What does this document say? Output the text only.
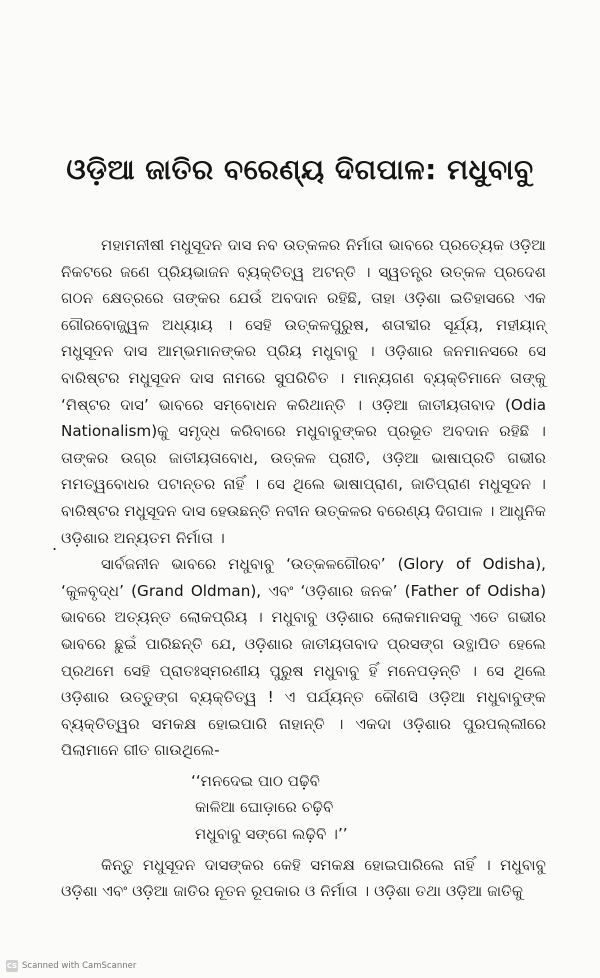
ଓଡ଼ିଆ ଜାତିର ବରେଣ୍ୟ ଦିଗପାଳ: ମଧୁବାବୁ
.

ମହାମନୀଷୀ ମଧୁସୂଦନ ଦାସ ନବ ଉତ୍କଳର ନିର୍ମାତା ଭାବରେ ପ୍ରତ୍ୟେକ ଓଡ଼ିଆ ନିକଟରେ ଜଣେ ପ୍ରିୟଭାଜନ ବ୍ୟକ୍ତିତ୍ୱ ଅଟନ୍ତି । ସ୍ୱତନ୍ତ୍ର ଉତ୍କଳ ପ୍ରଦେଶ ଗଠନ କ୍ଷେତ୍ରରେ ତାଙ୍କର ଯେଉଁ ଅବଦାନ ରହିଛି, ତାହା ଓଡ଼ିଶା ଇତିହାସରେ ଏକ ଗୌରବୋଜ୍ଜ୍ୱଳ ଅଧ୍ୟାୟ । ସେହି ଉତ୍କଳପୁରୁଷ, ଶତାବ୍ଦୀର ସୂର୍ଯ୍ୟ, ମହୀୟାନ୍ ମଧୁସୂଦନ ଦାସ ଆମ୍ଭମାନଙ୍କର ପ୍ରିୟ ମଧୁବାବୁ । ଓଡ଼ିଶାର ଜନମାନସରେ ସେ ବାରିଷ୍ଟର ମଧୁସୂଦନ ଦାସ ନାମରେ ସୁପରିଚିତ । ମାନ୍ୟଗଣ ବ୍ୟକ୍ତିମାନେ ତାଙ୍କୁ ‘ମିଷ୍ଟର ଦାସ’ ଭାବରେ ସମ୍ବୋଧନ କରିଥାନ୍ତି । ଓଡ଼ିଆ ଜାତୀୟତାବାଦ (Odia Nationalism)କୁ ସମୃଦ୍ଧ କରିବାରେ ମଧୁବାବୁଙ୍କର ପ୍ରଭୂତ ଅବଦାନ ରହିଛି । ତାଙ୍କର ଉଗ୍ର ଜାତୀୟତାବୋଧ, ଉତ୍କଳ ପ୍ରୀତି, ଓଡ଼ିଆ ଭାଷାପ୍ରତି ଗଭୀର ମମତ୍ୱବୋଧର ପଟାନ୍ତର ନାହିଁ । ସେ ଥିଲେ ଭାଷାପ୍ରାଣ, ଜାତିପ୍ରାଣ ମଧୁସୂଦନ । ବାରିଷ୍ଟର ମଧୁସୂଦନ ଦାସ ହେଉଛନ୍ତି ନବୀନ ଉତ୍କଳର ବରେଣ୍ୟ ଦିଗପାଳ । ଆଧୁନିକ ଓଡ଼ିଶାର ଅନ୍ୟତମ ନିର୍ମାତା ।

ସାର୍ବଜନୀନ ଭାବରେ ମଧୁବାବୁ ‘ଉତ୍କଳଗୌରବ’ (Glory of Odisha), ‘କୁଳବୃଦ୍ଧ’ (Grand Oldman), ଏବଂ ‘ଓଡ଼ିଶାର ଜନକ’ (Father of Odisha) ଭାବରେ ଅତ୍ୟନ୍ତ ଲୋକପ୍ରିୟ । ମଧୁବାବୁ ଓଡ଼ିଶାର ଲୋକମାନସକୁ ଏତେ ଗଭୀର ଭାବରେ ଛୁଇଁ ପାରିଛନ୍ତି ଯେ, ଓଡ଼ିଶାର ଜାତୀୟତାବାଦ ପ୍ରସଙ୍ଗ ଉତ୍ଥାପିତ ହେଲେ ପ୍ରଥମେ ସେହି ପ୍ରାତଃସ୍ମରଣୀୟ ପୁରୁଷ ମଧୁବାବୁ ହିଁ ମନେପଡ଼ନ୍ତି । ସେ ଥିଲେ ଓଡ଼ିଶାର ଉତ୍ତୁଙ୍ଗ ବ୍ୟକ୍ତିତ୍ୱ ! ଏ ପର୍ଯ୍ୟନ୍ତ କୌଣସି ଓଡ଼ିଆ ମଧୁବାବୁଙ୍କ ବ୍ୟକ୍ତିତ୍ୱର ସମକକ୍ଷ ହୋଇପାରି ନାହାନ୍ତି । ଏକଦା ଓଡ଼ିଶାର ପୁରପଲ୍ଲୀରେ ପିଲାମାନେ ଗୀତ ଗାଉଥିଲେ-

‘‘ମନଦେଇ ପାଠ ପଢ଼ିବି
କାଳିଆ ଘୋଡ଼ାରେ ଚଢ଼ିବି
ମଧୁବାବୁ ସଙ୍ଗେ ଲଢ଼ିବି ।’’

କିନ୍ତୁ ମଧୁସୂଦନ ଦାସଙ୍କର କେହି ସମକକ୍ଷ ହୋଇପାରିଲେ ନାହିଁ । ମଧୁବାବୁ ଓଡ଼ିଶା ଏବଂ ଓଡ଼ିଆ ଜାତିର ନୂତନ ରୂପକାର ଓ ନିର୍ମାତା । ଓଡ଼ିଶା ତଥା ଓଡ଼ିଆ ଜାତିକୁ

CS Scanned with CamScanner
